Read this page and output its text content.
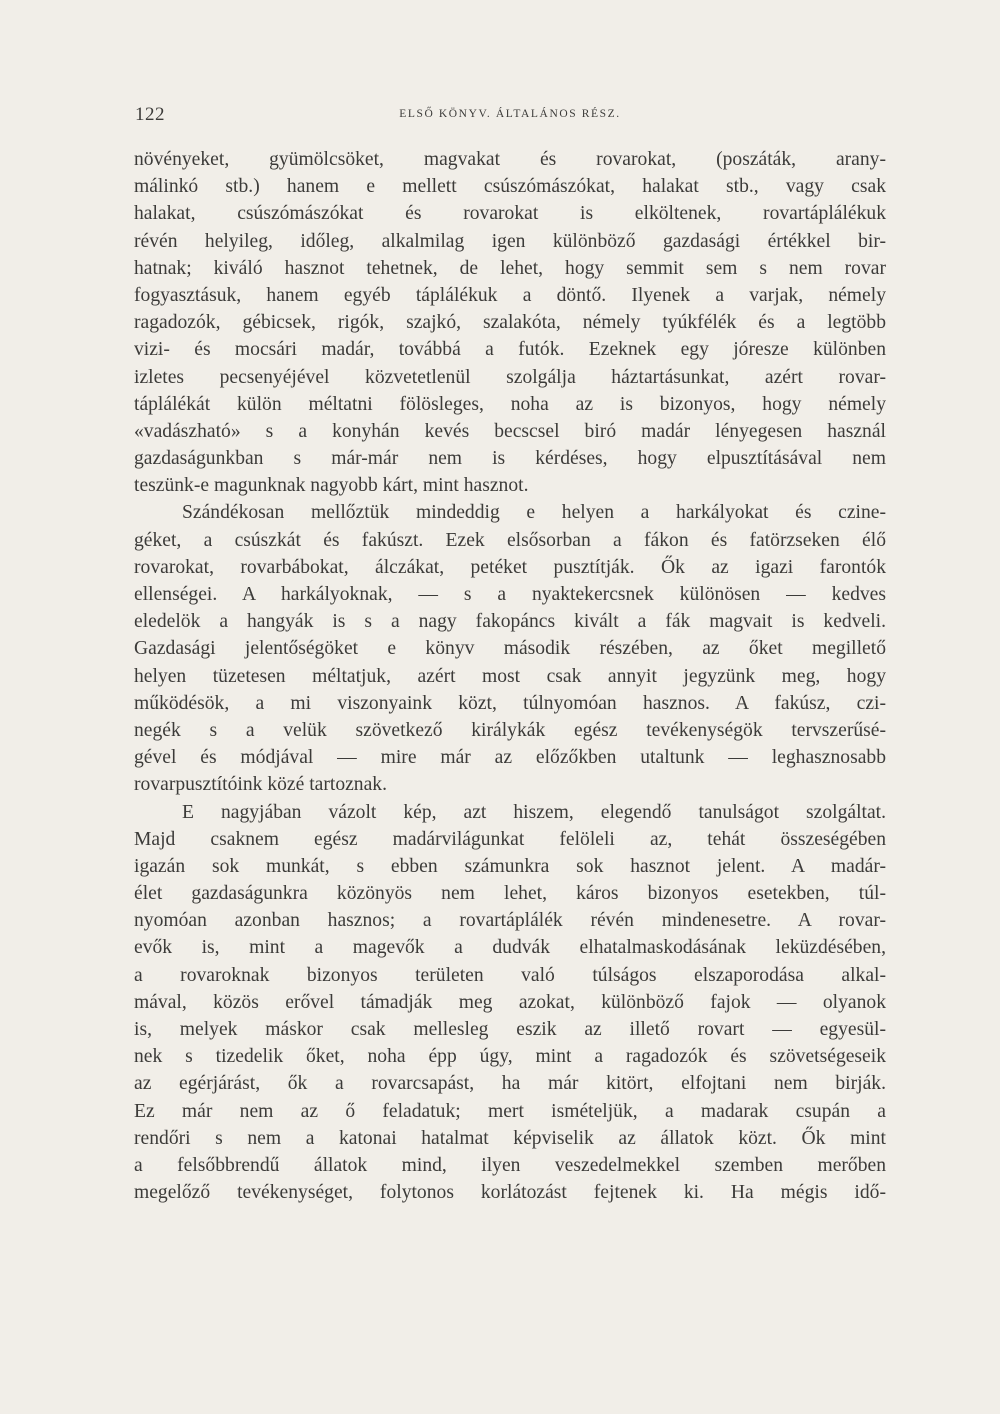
122	ELSŐ KÖNYV. ÁLTALÁNOS RÉSZ.
növényeket, gyümölcsöket, magvakat és rovarokat, (poszáták, arany-
málinkó stb.) hanem e mellett csúszómászókat, halakat stb., vagy csak
halakat, csúszómászókat és rovarokat is elköltenek, rovartáplálékuk
révén helyileg, időleg, alkalmilag igen különböző gazdasági értékkel bir-
hatnak; kiváló hasznot tehetnek, de lehet, hogy semmit sem s nem rovar
fogyasztásuk, hanem egyéb táplálékuk a döntő. Ilyenek a varjak, némely
ragadozók, gébicsek, rigók, szajkó, szalakóta, némely tyúkfélék és a legtöbb
vizi- és mocsári madár, továbbá a futók. Ezeknek egy jóresze különben
izletes pecsenyéjével közvetetlenül szolgálja háztartásunkat, azért rovar-
táplálékát külön méltatni fölösleges, noha az is bizonyos, hogy némely
«vadászható» s a konyhán kevés becscsel biró madár lényegesen használ
gazdaságunkban s már-már nem is kérdéses, hogy elpusztításával nem
teszünk-e magunknak nagyobb kárt, mint hasznot.
Szándékosan mellőztük mindeddig e helyen a harkályokat és czine-
géket, a csúszkát és fakúszt. Ezek elsősorban a fákon és fatörzseken élő
rovarokat, rovarbábokat, álczákat, petéket pusztítják. Ők az igazi farontók
ellenségei. A harkályoknak, — s a nyaktekercsnek különösen — kedves
eledelök a hangyák is s a nagy fakopáncs kivált a fák magvait is kedveli.
Gazdasági jelentőségöket e könyv második részében, az őket megillető
helyen tüzetesen méltatjuk, azért most csak annyit jegyzünk meg, hogy
működésök, a mi viszonyaink közt, túlnyomóan hasznos. A fakúsz, czi-
negék s a velük szövetkező királykák egész tevékenységök tervszerűsé-
gével és módjával — mire már az előzőkben utaltunk — leghasznosabb
rovarpusztítóink közé tartoznak.
E nagyjában vázolt kép, azt hiszem, elegendő tanulságot szolgáltat.
Majd csaknem egész madárvilágunkat felöleli az, tehát összeségében
igazán sok munkát, s ebben számunkra sok hasznot jelent. A madár-
élet gazdaságunkra közönyös nem lehet, káros bizonyos esetekben, túl-
nyomóan azonban hasznos; a rovartáplálék révén mindenesetre. A rovar-
evők is, mint a magevők a dudvák elhatalmaskodásának leküzdésében,
a rovaroknak bizonyos területen való túlságos elszaporodása alkal-
mával, közös erővel támadják meg azokat, különböző fajok — olyanok
is, melyek máskor csak mellesleg eszik az illető rovart — egyesül-
nek s tizedelik őket, noha épp úgy, mint a ragadozók és szövetségeseik
az egérjárást, ők a rovarcsapást, ha már kitört, elfojtani nem birják.
Ez már nem az ő feladatuk; mert ismételjük, a madarak csupán a
rendőri s nem a katonai hatalmat képviselik az állatok közt. Ők mint
a felsőbbrendű állatok mind, ilyen veszedelmekkel szemben merőben
megelőző tevékenységet, folytonos korlátozást fejtenek ki. Ha mégis idő-
